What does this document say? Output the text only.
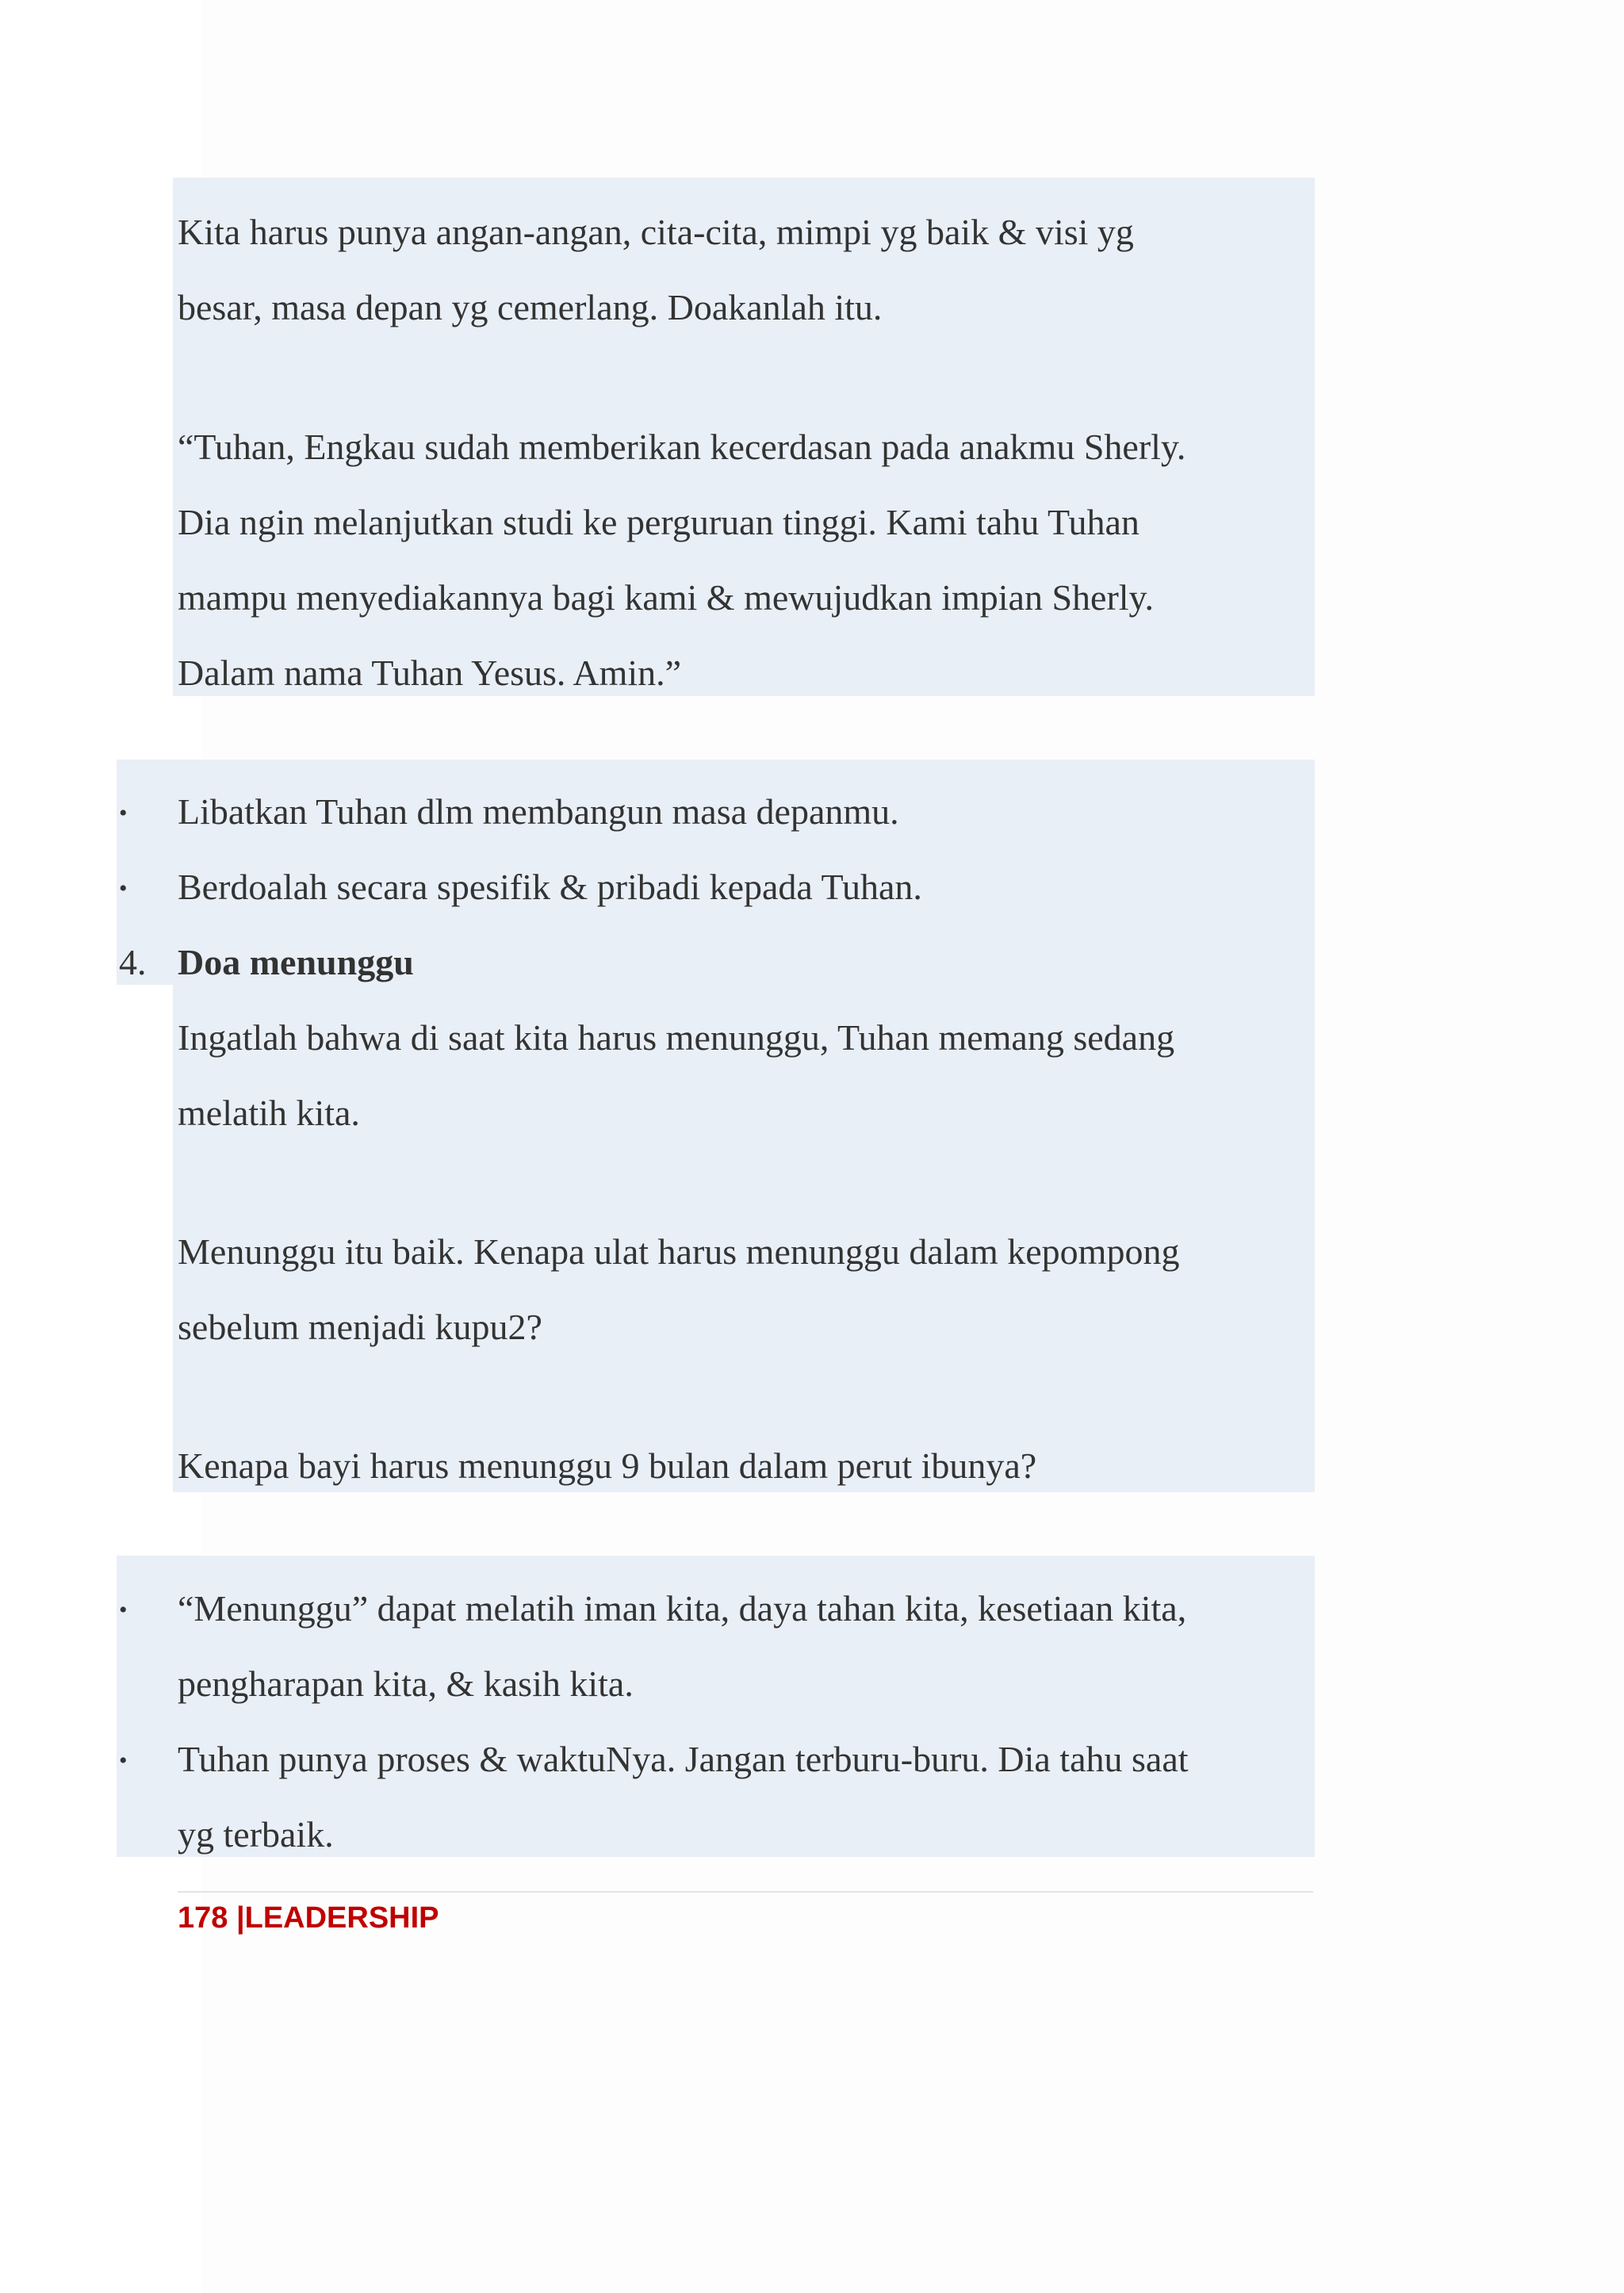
Kita harus punya angan-angan, cita-cita, mimpi yg baik & visi yg

besar, masa depan yg cemerlang. Doakanlah itu.

“Tuhan, Engkau sudah memberikan kecerdasan pada anakmu Sherly.

Dia ngin melanjutkan studi ke perguruan tinggi. Kami tahu Tuhan

mampu menyediakannya bagi kami & mewujudkan impian Sherly.

Dalam nama Tuhan Yesus. Amin.”

• Libatkan Tuhan dlm membangun masa depanmu.

• Berdoalah secara spesifik & pribadi kepada Tuhan.

4. Doa menunggu

Ingatlah bahwa di saat kita harus menunggu, Tuhan memang sedang

melatih kita.

Menunggu itu baik. Kenapa ulat harus menunggu dalam kepompong

sebelum menjadi kupu2?

Kenapa bayi harus menunggu 9 bulan dalam perut ibunya?

• “Menunggu” dapat melatih iman kita, daya tahan kita, kesetiaan kita,

pengharapan kita, & kasih kita.

• Tuhan punya proses & waktuNya. Jangan terburu-buru. Dia tahu saat

yg terbaik.

178 |LEADERSHIP
